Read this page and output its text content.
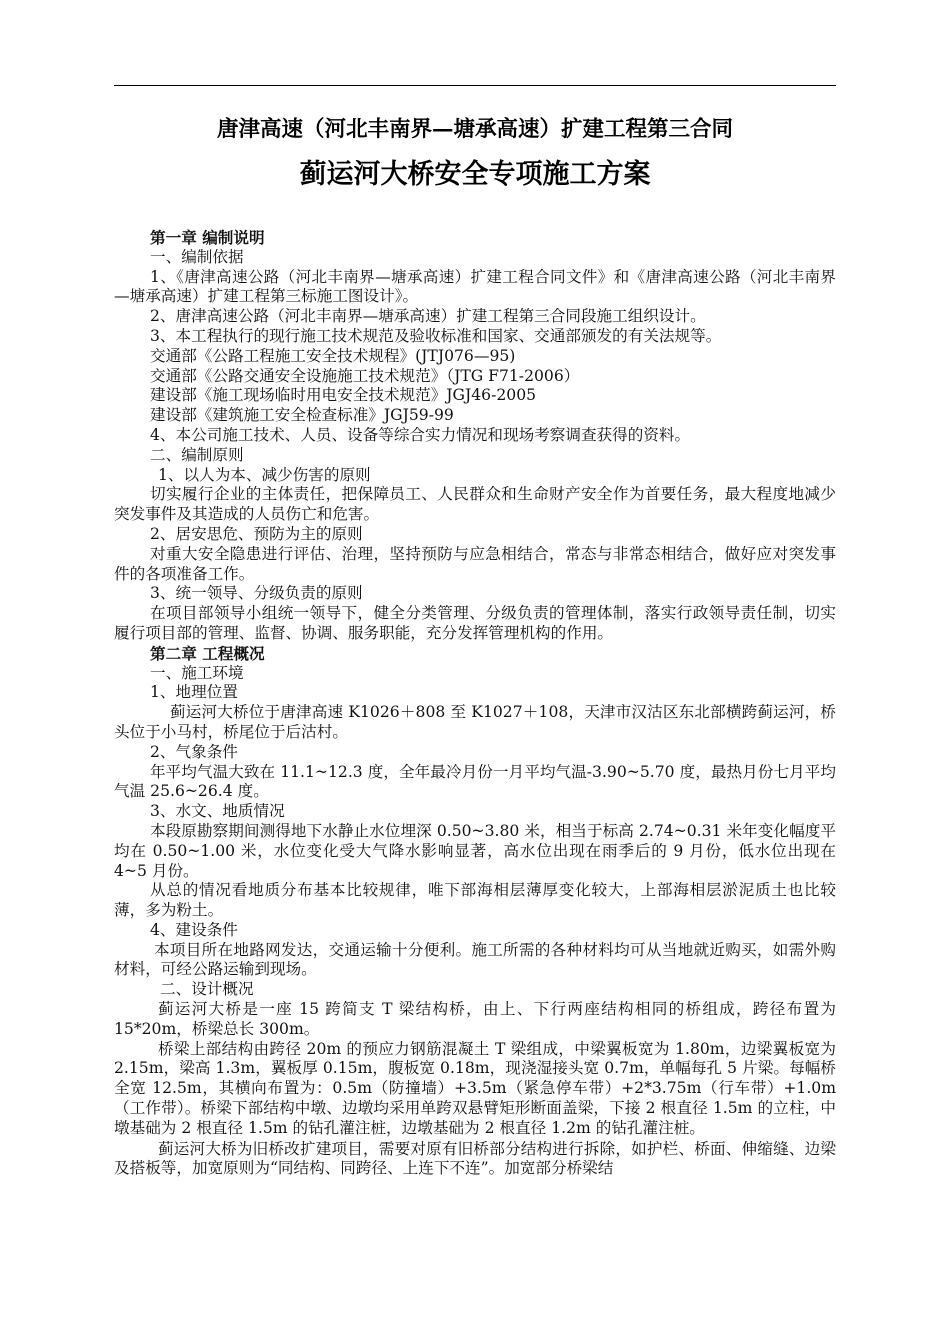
唐津高速（河北丰南界—塘承高速）扩建工程第三合同
蓟运河大桥安全专项施工方案

第一章 编制说明

一、编制依据

1、《唐津高速公路（河北丰南界—塘承高速）扩建工程合同文件》和《唐津高速公路（河北丰南界—塘承高速）扩建工程第三标施工图设计》。

2、唐津高速公路（河北丰南界—塘承高速）扩建工程第三合同段施工组织设计。

3、本工程执行的现行施工技术规范及验收标准和国家、交通部颁发的有关法规等。

交通部《公路工程施工安全技术规程》(JTJ076—95)

交通部《公路交通安全设施施工技术规范》（JTG F71-2006）

建设部《施工现场临时用电安全技术规范》JGJ46-2005

建设部《建筑施工安全检查标准》JGJ59-99

4、本公司施工技术、人员、设备等综合实力情况和现场考察调查获得的资料。

二、编制原则

1、以人为本、减少伤害的原则

切实履行企业的主体责任，把保障员工、人民群众和生命财产安全作为首要任务，最大程度地减少突发事件及其造成的人员伤亡和危害。

2、居安思危、预防为主的原则

对重大安全隐患进行评估、治理，坚持预防与应急相结合，常态与非常态相结合，做好应对突发事件的各项准备工作。

3、统一领导、分级负责的原则

在项目部领导小组统一领导下，健全分类管理、分级负责的管理体制，落实行政领导责任制，切实履行项目部的管理、监督、协调、服务职能，充分发挥管理机构的作用。

第二章 工程概况

一、施工环境

1、地理位置

蓟运河大桥位于唐津高速 K1026＋808 至 K1027＋108，天津市汉沽区东北部横跨蓟运河，桥头位于小马村，桥尾位于后沽村。

2、气象条件

年平均气温大致在 11.1~12.3 度，全年最冷月份一月平均气温-3.90~5.70 度，最热月份七月平均气温 25.6~26.4 度。

3、水文、地质情况

本段原勘察期间测得地下水静止水位埋深 0.50~3.80 米，相当于标高 2.74~0.31 米年变化幅度平均在 0.50~1.00 米，水位变化受大气降水影响显著，高水位出现在雨季后的 9 月份，低水位出现在 4~5 月份。

从总的情况看地质分布基本比较规律，唯下部海相层薄厚变化较大，上部海相层淤泥质土也比较薄，多为粉土。

4、建设条件

本项目所在地路网发达，交通运输十分便利。施工所需的各种材料均可从当地就近购买，如需外购材料，可经公路运输到现场。

二、设计概况

蓟运河大桥是一座 15 跨简支 T 梁结构桥，由上、下行两座结构相同的桥组成，跨径布置为 15*20m，桥梁总长 300m。

桥梁上部结构由跨径 20m 的预应力钢筋混凝土 T 梁组成，中梁翼板宽为 1.80m，边梁翼板宽为 2.15m，梁高 1.3m，翼板厚 0.15m，腹板宽 0.18m，现浇湿接头宽 0.7m，单幅每孔 5 片梁。每幅桥全宽 12.5m，其横向布置为：0.5m（防撞墙）+3.5m（紧急停车带）+2*3.75m（行车带）+1.0m（工作带）。桥梁下部结构中墩、边墩均采用单跨双悬臂矩形断面盖梁，下接 2 根直径 1.5m 的立柱，中墩基础为 2 根直径 1.5m 的钻孔灌注桩，边墩基础为 2 根直径 1.2m 的钻孔灌注桩。

蓟运河大桥为旧桥改扩建项目，需要对原有旧桥部分结构进行拆除，如护栏、桥面、伸缩缝、边梁及搭板等，加宽原则为“同结构、同跨径、上连下不连”。加宽部分桥梁结
